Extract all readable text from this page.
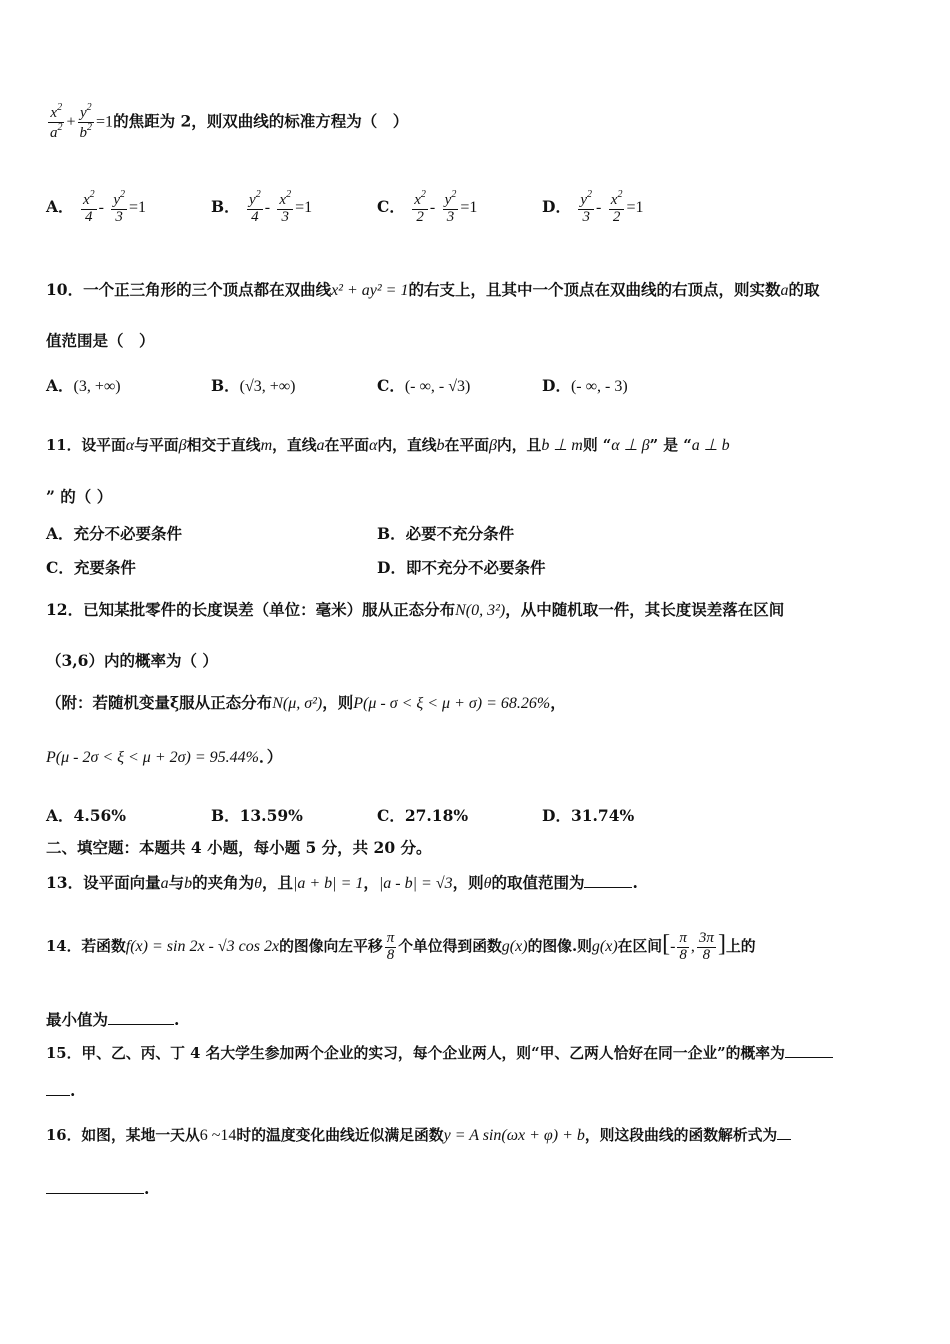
$\frac{x^2}{a^2} + \frac{y^2}{b^2} =1$的焦距为 2，则双曲线的标准方程为（　）
A． $\frac{x^2}{4} - \frac{y^2}{3} =1$	B． $\frac{y^2}{4} - \frac{x^2}{3} =1$	C． $\frac{x^2}{2} - \frac{y^2}{3} =1$	D． $\frac{y^2}{3} - \frac{x^2}{2} =1$
10．一个正三角形的三个顶点都在双曲线x² + ay² = 1的右支上，且其中一个顶点在双曲线的右顶点，则实数a的取
值范围是（　）
A．(3, +∞)	B．(√3, +∞)	C．(- ∞, - √3)	D．(- ∞, - 3)
11．设平面α与平面β相交于直线m，直线a在平面α内，直线b在平面β内，且b ⊥ m则 “α ⊥ β” 是 “a ⊥ b
” 的（ ）
A．充分不必要条件	B．必要不充分条件
C．充要条件	D．即不充分不必要条件
12．已知某批零件的长度误差（单位：毫米）服从正态分布N(0, 3²)，从中随机取一件，其长度误差落在区间
（3,6）内的概率为（ ）
（附：若随机变量ξ服从正态分布N(μ, σ²)，则P(μ - σ < ξ < μ + σ) = 68.26%，
P(μ - 2σ < ξ < μ + 2σ) = 95.44%．）
A．4.56%	B．13.59%	C．27.18%	D．31.74%
二、填空题：本题共 4 小题，每小题 5 分，共 20 分。
13．设平面向量a与b的夹角为θ，且|a + b| = 1，|a - b| = √3，则θ的取值范围为	.
14．若函数f(x) = sin 2x - √3 cos 2x的图像向左平移 $\frac{\pi}{8}$ 个单位得到函数g(x)的图像.则g(x)在区间[- $\frac{\pi}{8}$ , $\frac{3\pi}{8}$ ]上的
最小值为	.
15．甲、乙、丙、丁 4 名大学生参加两个企业的实习，每个企业两人，则“甲、乙两人恰好在同一企业”的概率为
.
16．如图，某地一天从6 ~14时的温度变化曲线近似满足函数y = A sin(ωx + φ) + b，则这段曲线的函数解析式为
.
